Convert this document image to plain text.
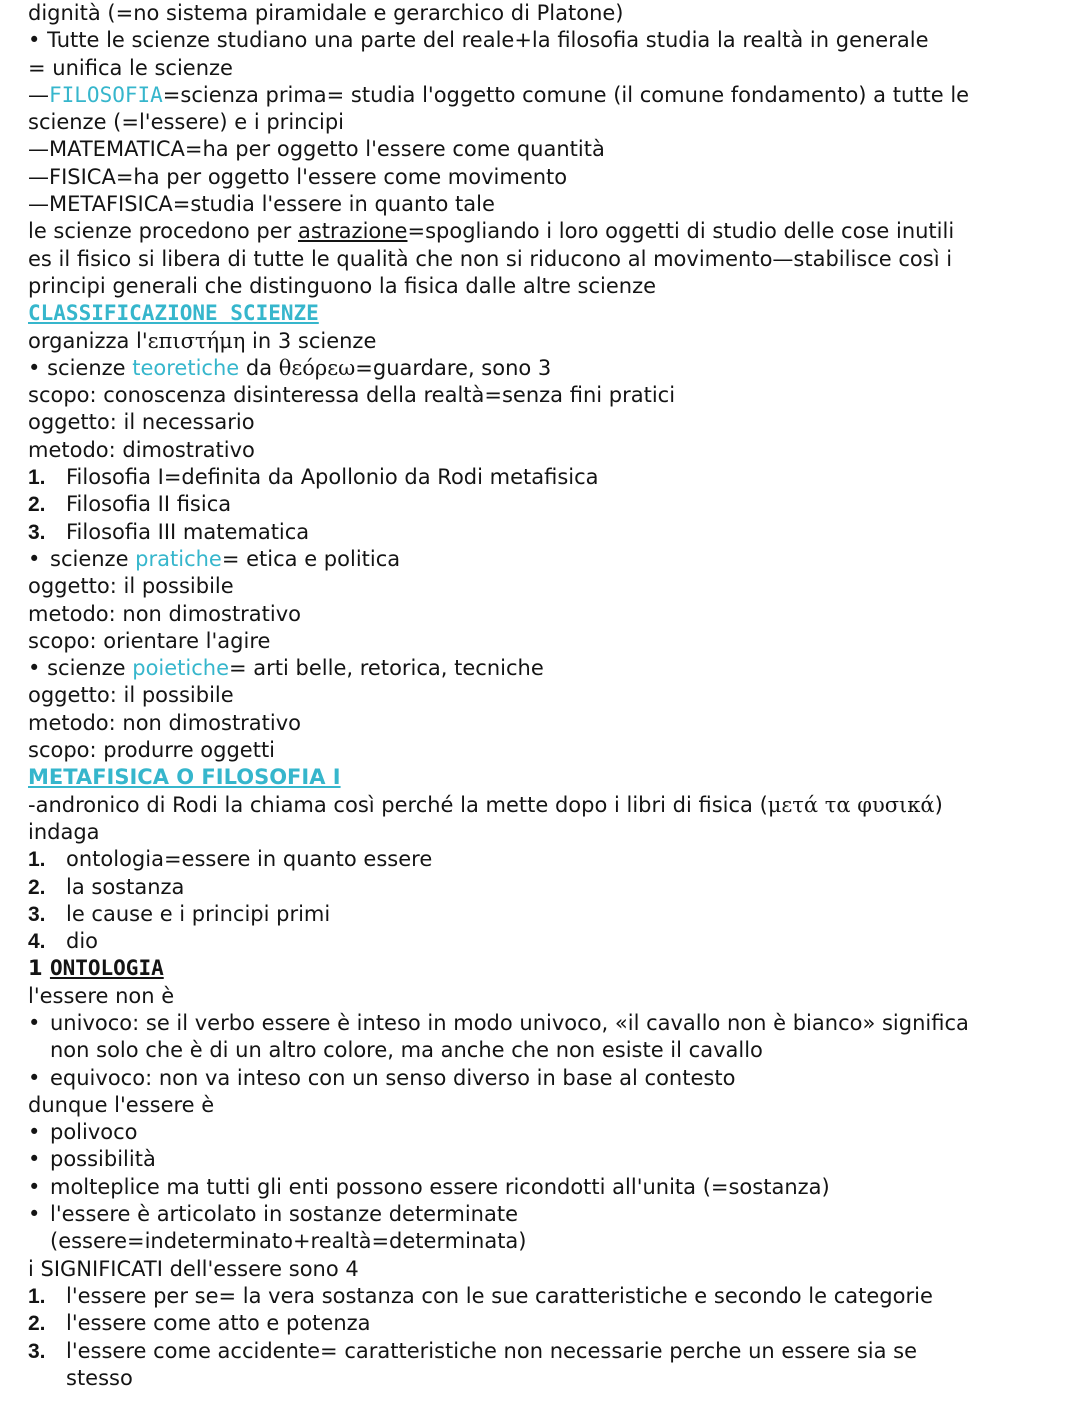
dignità (=no sistema piramidale e gerarchico di Platone)
• Tutte le scienze studiano una parte del reale+la filosofia studia la realtà in generale
= unifica le scienze
—FILOSOFIA=scienza prima= studia l'oggetto comune (il comune fondamento) a tutte le
scienze (=l'essere) e i principi
—MATEMATICA=ha per oggetto l'essere come quantità
—FISICA=ha per oggetto l'essere come movimento
—METAFISICA=studia l'essere in quanto tale
le scienze procedono per astrazione=spogliando i loro oggetti di studio delle cose inutili
es il fisico si libera di tutte le qualità che non si riducono al movimento—stabilisce così i
principi generali che distinguono la fisica dalle altre scienze
CLASSIFICAZIONE SCIENZE
organizza l'επιστήμη in 3 scienze
• scienze teoretiche da θεόρεω=guardare, sono 3
scopo: conoscenza disinteressa della realtà=senza fini pratici
oggetto: il necessario
metodo: dimostrativo
1. Filosofia I=definita da Apollonio da Rodi metafisica
2. Filosofia II fisica
3. Filosofia III matematica
• scienze pratiche= etica e politica
oggetto: il possibile
metodo: non dimostrativo
scopo: orientare l'agire
• scienze poietiche= arti belle, retorica, tecniche
oggetto: il possibile
metodo: non dimostrativo
scopo: produrre oggetti
METAFISICA O FILOSOFIA I
-andronico di Rodi la chiama così perché la mette dopo i libri di fisica (μετά τα φυσικά)
indaga
1. ontologia=essere in quanto essere
2. la sostanza
3. le cause e i principi primi
4. dio
1 ONTOLOGIA
l'essere non è
• univoco: se il verbo essere è inteso in modo univoco, «il cavallo non è bianco» significa
non solo che è di un altro colore, ma anche che non esiste il cavallo
• equivoco: non va inteso con un senso diverso in base al contesto
dunque l'essere è
• polivoco
• possibilità
• molteplice ma tutti gli enti possono essere ricondotti all'unita (=sostanza)
• l'essere è articolato in sostanze determinate
(essere=indeterminato+realtà=determinata)
i SIGNIFICATI dell'essere sono 4
1. l'essere per se= la vera sostanza con le sue caratteristiche e secondo le categorie
2. l'essere come atto e potenza
3. l'essere come accidente= caratteristiche non necessarie perche un essere sia se
stesso
